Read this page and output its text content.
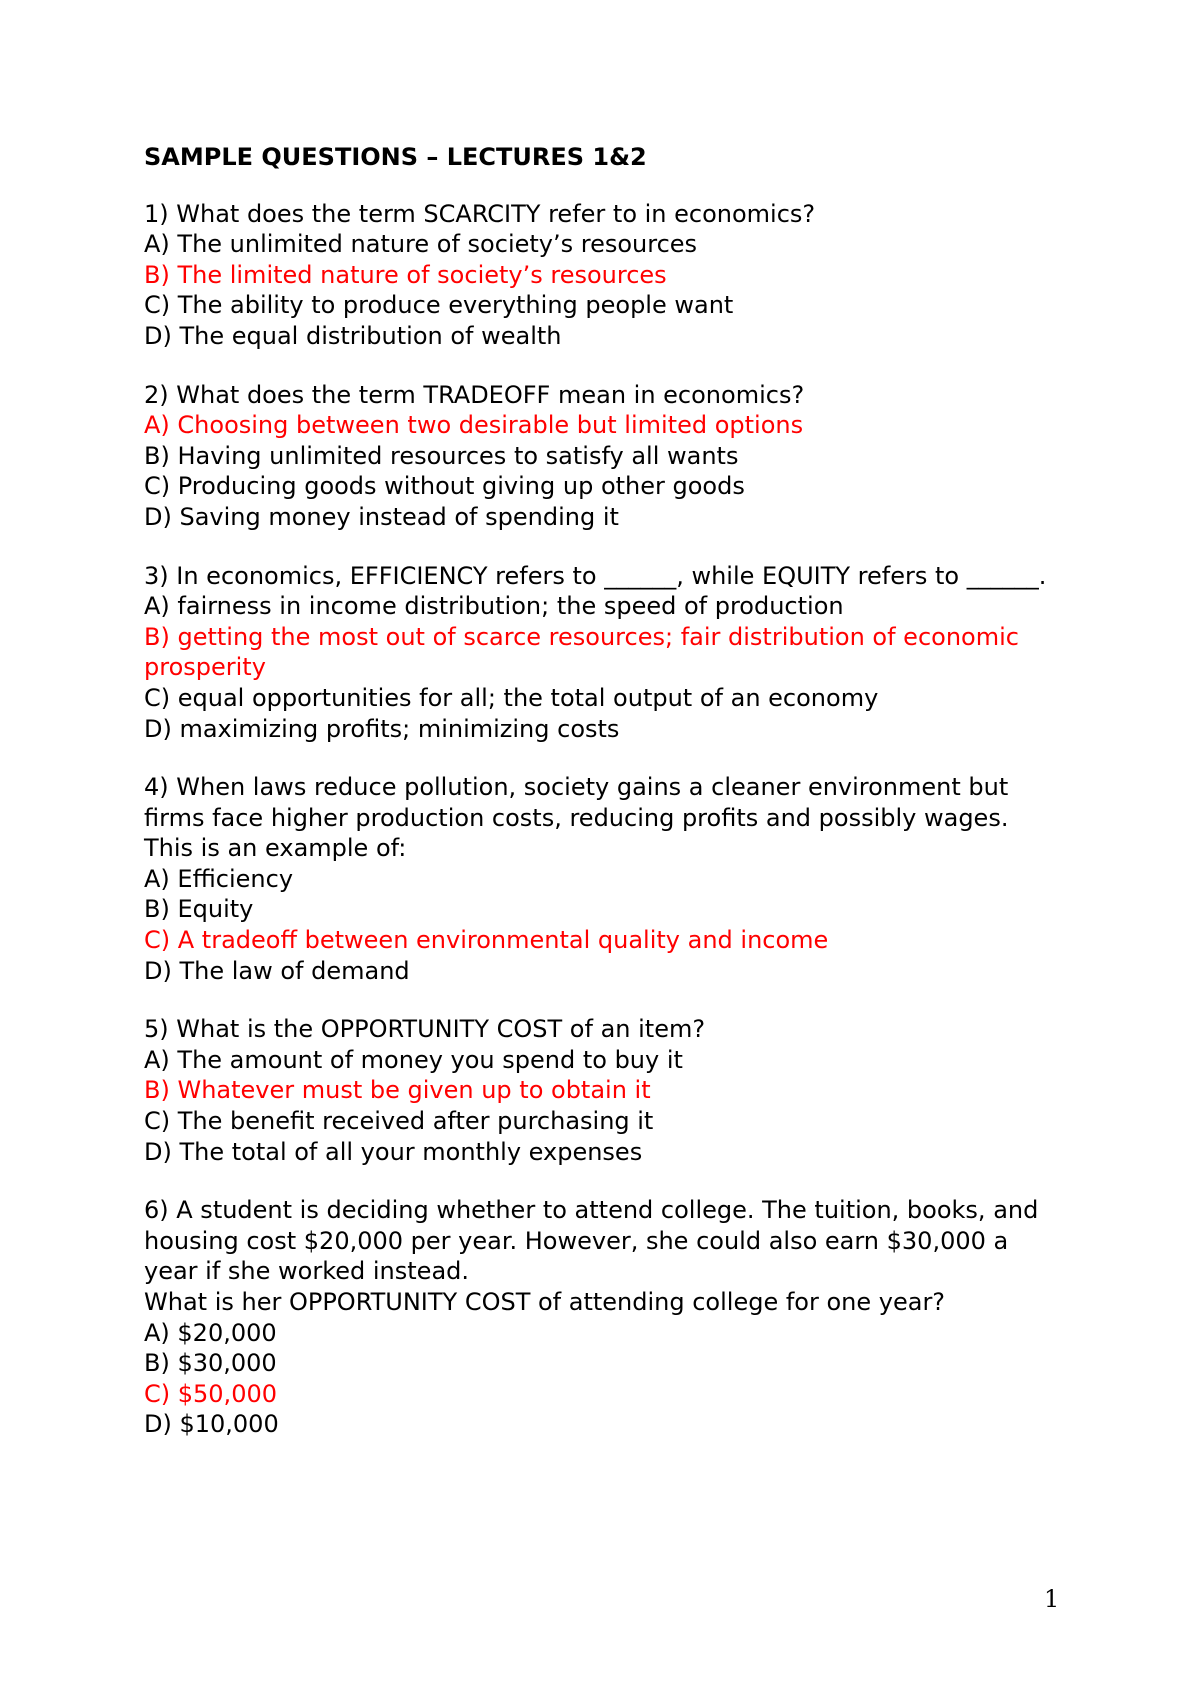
SAMPLE QUESTIONS – LECTURES 1&2
1) What does the term SCARCITY refer to in economics?
A) The unlimited nature of society’s resources
B) The limited nature of society’s resources
C) The ability to produce everything people want
D) The equal distribution of wealth
2) What does the term TRADEOFF mean in economics?
A) Choosing between two desirable but limited options
B) Having unlimited resources to satisfy all wants
C) Producing goods without giving up other goods
D) Saving money instead of spending it
3) In economics, EFFICIENCY refers to ______, while EQUITY refers to ______.
A) fairness in income distribution; the speed of production
B) getting the most out of scarce resources; fair distribution of economic prosperity
C) equal opportunities for all; the total output of an economy
D) maximizing profits; minimizing costs
4) When laws reduce pollution, society gains a cleaner environment but firms face higher production costs, reducing profits and possibly wages. This is an example of:
A) Efficiency
B) Equity
C) A tradeoff between environmental quality and income
D) The law of demand
5) What is the OPPORTUNITY COST of an item?
A) The amount of money you spend to buy it
B) Whatever must be given up to obtain it
C) The benefit received after purchasing it
D) The total of all your monthly expenses
6) A student is deciding whether to attend college. The tuition, books, and housing cost $20,000 per year. However, she could also earn $30,000 a year if she worked instead.
What is her OPPORTUNITY COST of attending college for one year?
A) $20,000
B) $30,000
C) $50,000
D) $10,000
1
